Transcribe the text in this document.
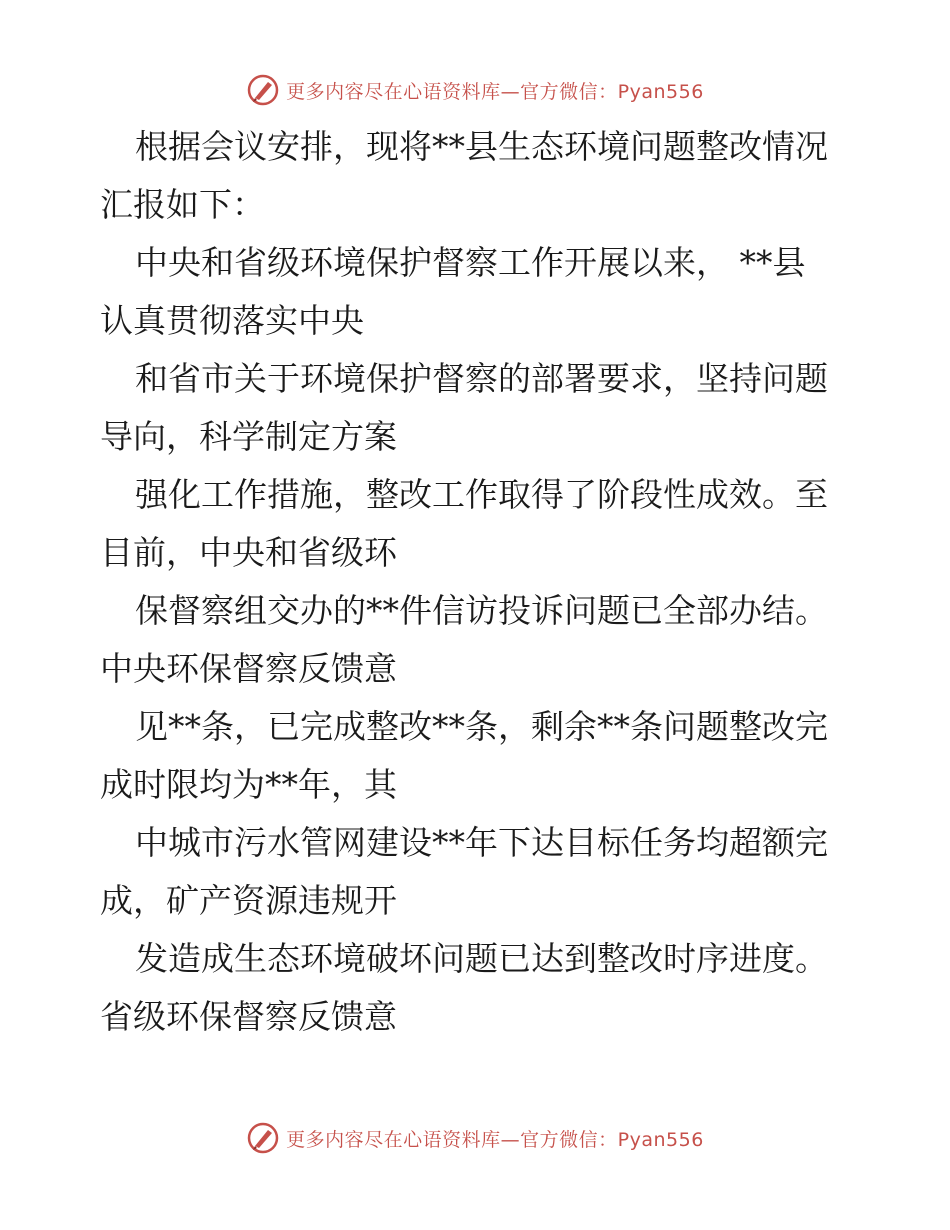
更多内容尽在心语资料库—官方微信：Pyan556
根据会议安排，现将**县生态环境问题整改情况
汇报如下：
中央和省级环境保护督察工作开展以来， **县
认真贯彻落实中央
和省市关于环境保护督察的部署要求，坚持问题
导向，科学制定方案
强化工作措施，整改工作取得了阶段性成效。至
目前，中央和省级环
保督察组交办的**件信访投诉问题已全部办结。
中央环保督察反馈意
见**条，已完成整改**条，剩余**条问题整改完
成时限均为**年，其
中城市污水管网建设**年下达目标任务均超额完
成，矿产资源违规开
发造成生态环境破坏问题已达到整改时序进度。
省级环保督察反馈意
更多内容尽在心语资料库—官方微信：Pyan556
